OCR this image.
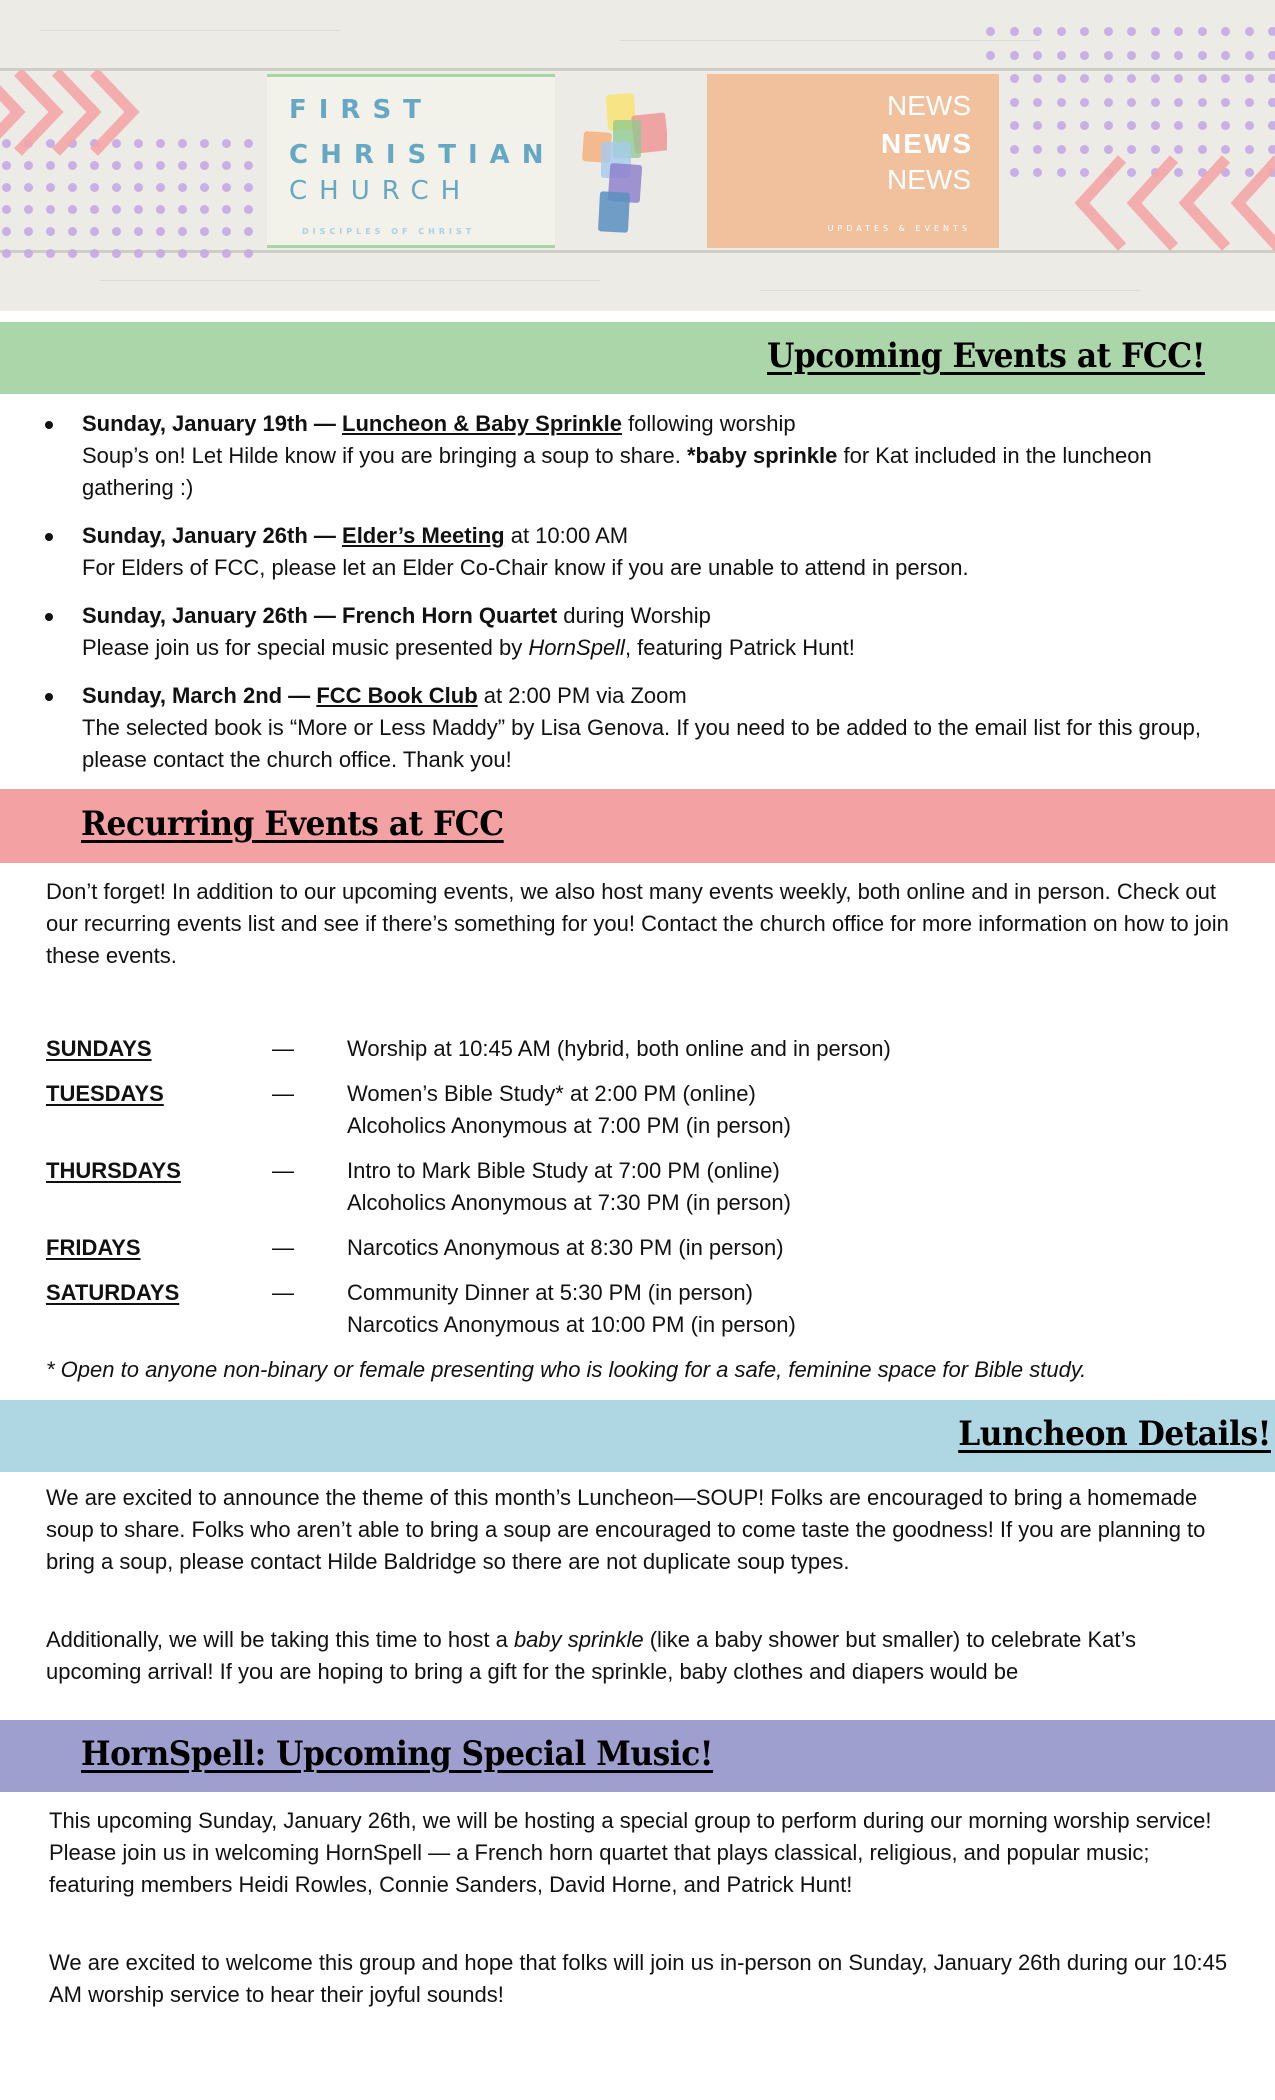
FIRST
CHRISTIAN
CHURCH
DISCIPLES OF CHRIST
NEWS
NEWS
NEWS
UPDATES & EVENTS
Upcoming Events at FCC!
Sunday, January 19th — Luncheon & Baby Sprinkle following worship
Soup’s on! Let Hilde know if you are bringing a soup to share. *baby sprinkle for Kat included in the luncheon gathering :)
Sunday, January 26th — Elder’s Meeting at 10:00 AM
For Elders of FCC, please let an Elder Co-Chair know if you are unable to attend in person.
Sunday, January 26th — French Horn Quartet during Worship
Please join us for special music presented by HornSpell, featuring Patrick Hunt!
Sunday, March 2nd — FCC Book Club at 2:00 PM via Zoom
The selected book is “More or Less Maddy” by Lisa Genova. If you need to be added to the email list for this group, please contact the church office. Thank you!
Recurring Events at FCC
Don’t forget! In addition to our upcoming events, we also host many events weekly, both online and in person. Check out our recurring events list and see if there’s something for you! Contact the church office for more information on how to join these events.
SUNDAYS	— Worship at 10:45 AM (hybrid, both online and in person)
TUESDAYS	— Women’s Bible Study* at 2:00 PM (online)
Alcoholics Anonymous at 7:00 PM (in person)
THURSDAYS	— Intro to Mark Bible Study at 7:00 PM (online)
Alcoholics Anonymous at 7:30 PM (in person)
FRIDAYS	— Narcotics Anonymous at 8:30 PM (in person)
SATURDAYS	— Community Dinner at 5:30 PM (in person)
Narcotics Anonymous at 10:00 PM (in person)
* Open to anyone non-binary or female presenting who is looking for a safe, feminine space for Bible study.
Luncheon Details!
We are excited to announce the theme of this month’s Luncheon—SOUP! Folks are encouraged to bring a homemade soup to share. Folks who aren’t able to bring a soup are encouraged to come taste the goodness! If you are planning to bring a soup, please contact Hilde Baldridge so there are not duplicate soup types.
Additionally, we will be taking this time to host a baby sprinkle (like a baby shower but smaller) to celebrate Kat’s upcoming arrival! If you are hoping to bring a gift for the sprinkle, baby clothes and diapers would be
HornSpell: Upcoming Special Music!
This upcoming Sunday, January 26th, we will be hosting a special group to perform during our morning worship service! Please join us in welcoming HornSpell — a French horn quartet that plays classical, religious, and popular music; featuring members Heidi Rowles, Connie Sanders, David Horne, and Patrick Hunt!
We are excited to welcome this group and hope that folks will join us in-person on Sunday, January 26th during our 10:45 AM worship service to hear their joyful sounds!
